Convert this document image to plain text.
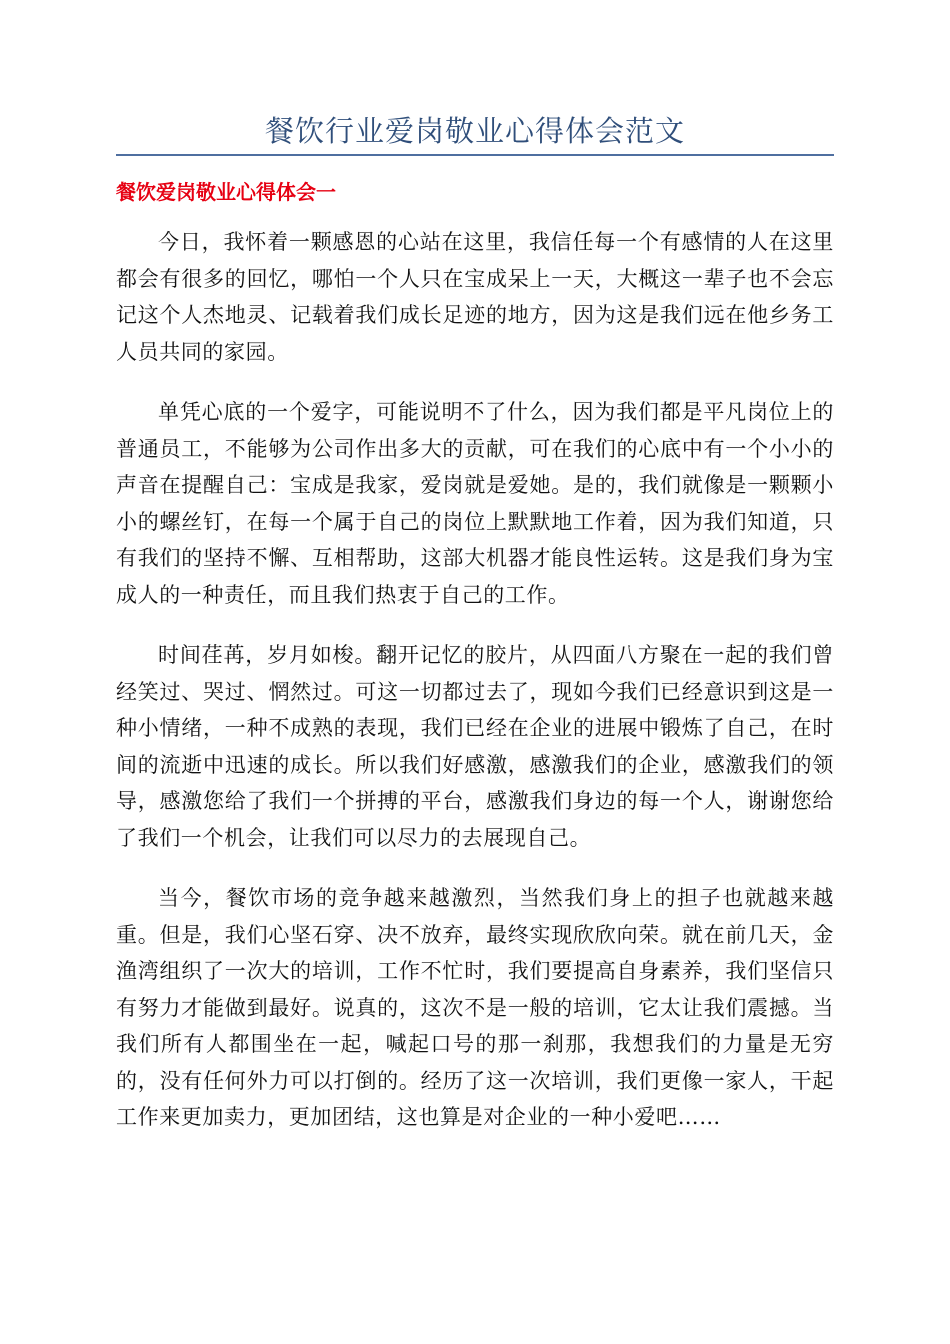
餐饮行业爱岗敬业心得体会范文
餐饮爱岗敬业心得体会一

今日，我怀着一颗感恩的心站在这里，我信任每一个有感情的人在这里都会有很多的回忆，哪怕一个人只在宝成呆上一天，大概这一辈子也不会忘记这个人杰地灵、记载着我们成长足迹的地方，因为这是我们远在他乡务工人员共同的家园。

单凭心底的一个爱字，可能说明不了什么，因为我们都是平凡岗位上的普通员工，不能够为公司作出多大的贡献，可在我们的心底中有一个小小的声音在提醒自己：宝成是我家，爱岗就是爱她。是的，我们就像是一颗颗小小的螺丝钉，在每一个属于自己的岗位上默默地工作着，因为我们知道，只有我们的坚持不懈、互相帮助，这部大机器才能良性运转。这是我们身为宝成人的一种责任，而且我们热衷于自己的工作。

时间荏苒，岁月如梭。翻开记忆的胶片，从四面八方聚在一起的我们曾经笑过、哭过、惘然过。可这一切都过去了，现如今我们已经意识到这是一种小情绪，一种不成熟的表现，我们已经在企业的进展中锻炼了自己，在时间的流逝中迅速的成长。所以我们好感激，感激我们的企业，感激我们的领导，感激您给了我们一个拼搏的平台，感激我们身边的每一个人，谢谢您给了我们一个机会，让我们可以尽力的去展现自己。

当今，餐饮市场的竞争越来越激烈，当然我们身上的担子也就越来越重。但是，我们心坚石穿、决不放弃，最终实现欣欣向荣。就在前几天，金渔湾组织了一次大的培训，工作不忙时，我们要提高自身素养，我们坚信只有努力才能做到最好。说真的，这次不是一般的培训，它太让我们震撼。当我们所有人都围坐在一起，喊起口号的那一刹那，我想我们的力量是无穷的，没有任何外力可以打倒的。经历了这一次培训，我们更像一家人，干起工作来更加卖力，更加团结，这也算是对企业的一种小爱吧……
